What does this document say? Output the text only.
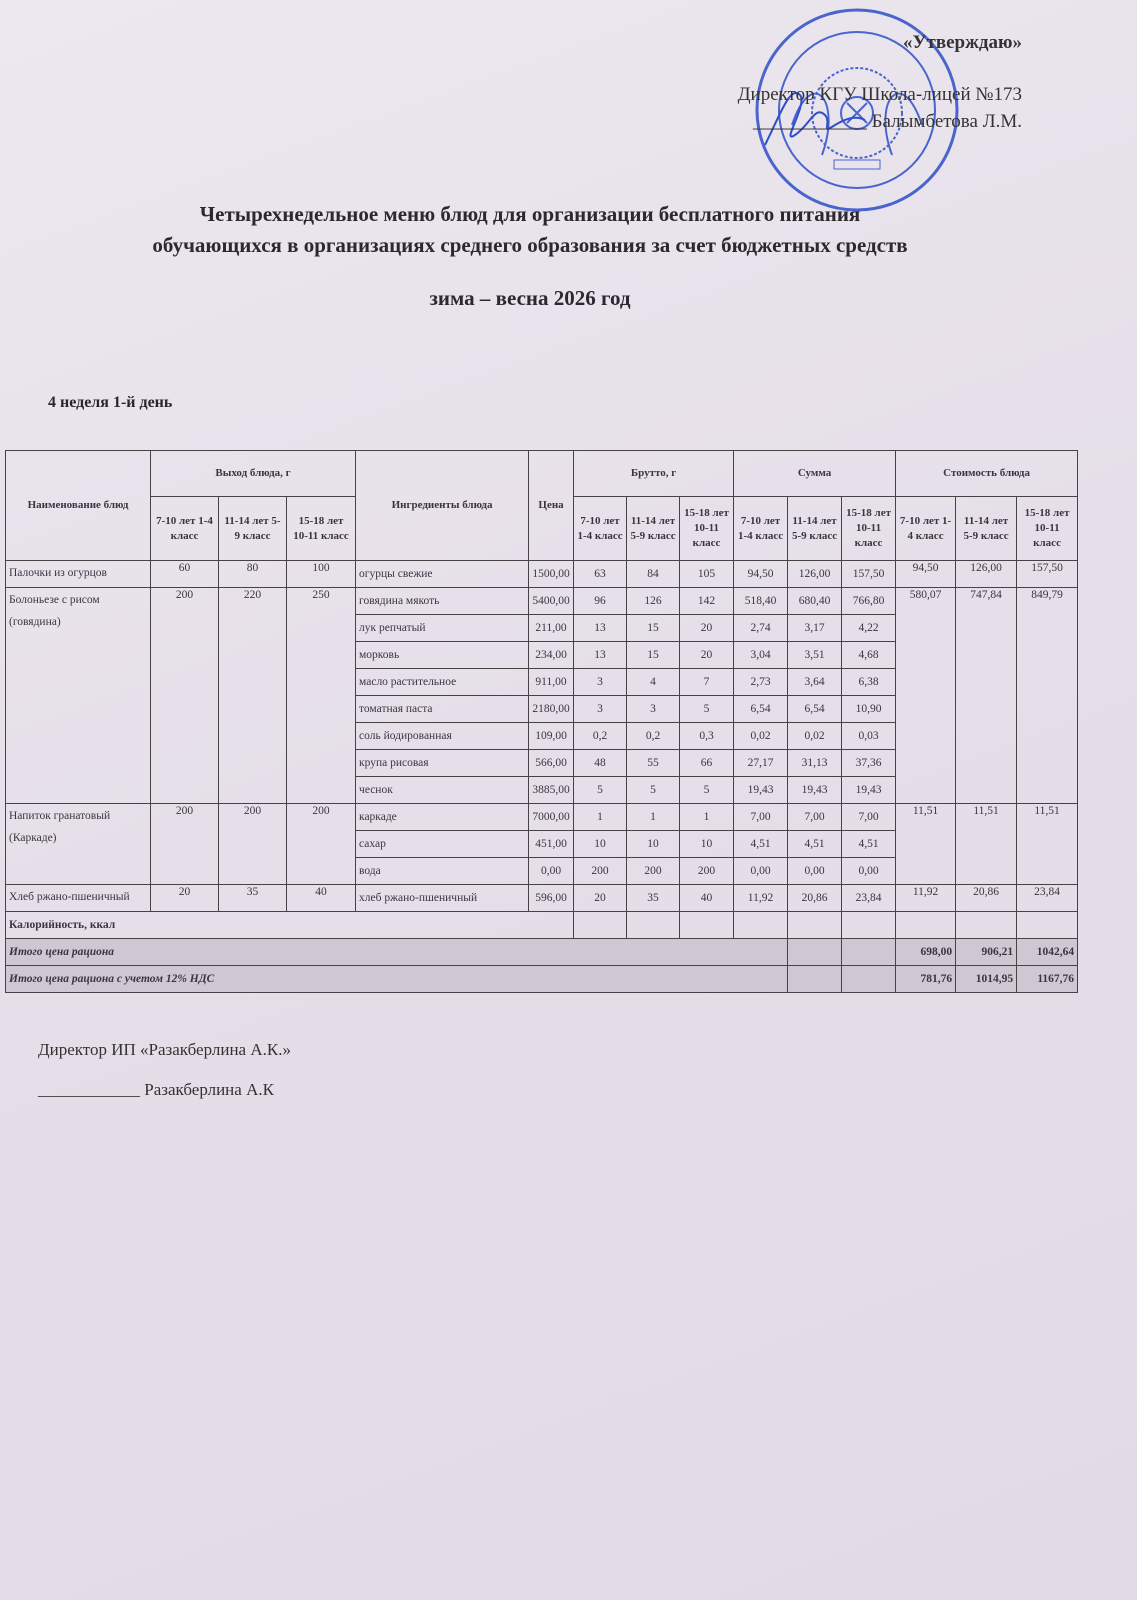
«Утверждаю»
Директор КГУ Школа-лицей №173
____________ Балымбетова Л.М.
Четырехнедельное меню блюд для организации бесплатного питания
обучающихся в организациях среднего образования за счет бюджетных средств
зима – весна 2026 год
4 неделя 1-й день
Наименование блюд	Выход блюда, г			Ингредиенты блюда	Цена	Брутто, г			Сумма			Стоимость блюда		
	7-10 лет 1-4 класс	11-14 лет 5-9 класс	15-18 лет 10-11 класс			7-10 лет 1-4 класс	11-14 лет 5-9 класс	15-18 лет 10-11 класс	7-10 лет 1-4 класс	11-14 лет 5-9 класс	15-18 лет 10-11 класс	7-10 лет 1-4 класс	11-14 лет 5-9 класс	15-18 лет 10-11 класс
Палочки из огурцов	60	80	100	огурцы свежие	1500,00	63	84	105	94,50	126,00	157,50	94,50	126,00	157,50
Болоньезе с рисом (говядина)	200	220	250	говядина мякоть	5400,00	96	126	142	518,40	680,40	766,80	580,07	747,84	849,79
				лук репчатый	211,00	13	15	20	2,74	3,17	4,22			
				морковь	234,00	13	15	20	3,04	3,51	4,68			
				масло растительное	911,00	3	4	7	2,73	3,64	6,38			
				томатная паста	2180,00	3	3	5	6,54	6,54	10,90			
				соль йодированная	109,00	0,2	0,2	0,3	0,02	0,02	0,03			
				крупа рисовая	566,00	48	55	66	27,17	31,13	37,36			
				чеснок	3885,00	5	5	5	19,43	19,43	19,43			
Напиток гранатовый (Каркаде)	200	200	200	каркаде	7000,00	1	1	1	7,00	7,00	7,00	11,51	11,51	11,51
				сахар	451,00	10	10	10	4,51	4,51	4,51			
				вода	0,00	200	200	200	0,00	0,00	0,00			
Хлеб ржано-пшеничный	20	35	40	хлеб ржано-пшеничный	596,00	20	35	40	11,92	20,86	23,84	11,92	20,86	23,84
Калорийность, ккал														
Итого цена рациона												698,00	906,21	1042,64
Итого цена рациона с учетом 12% НДС												781,76	1014,95	1167,76
Директор ИП «Разакберлина А.К.»
____________ Разакберлина А.К
